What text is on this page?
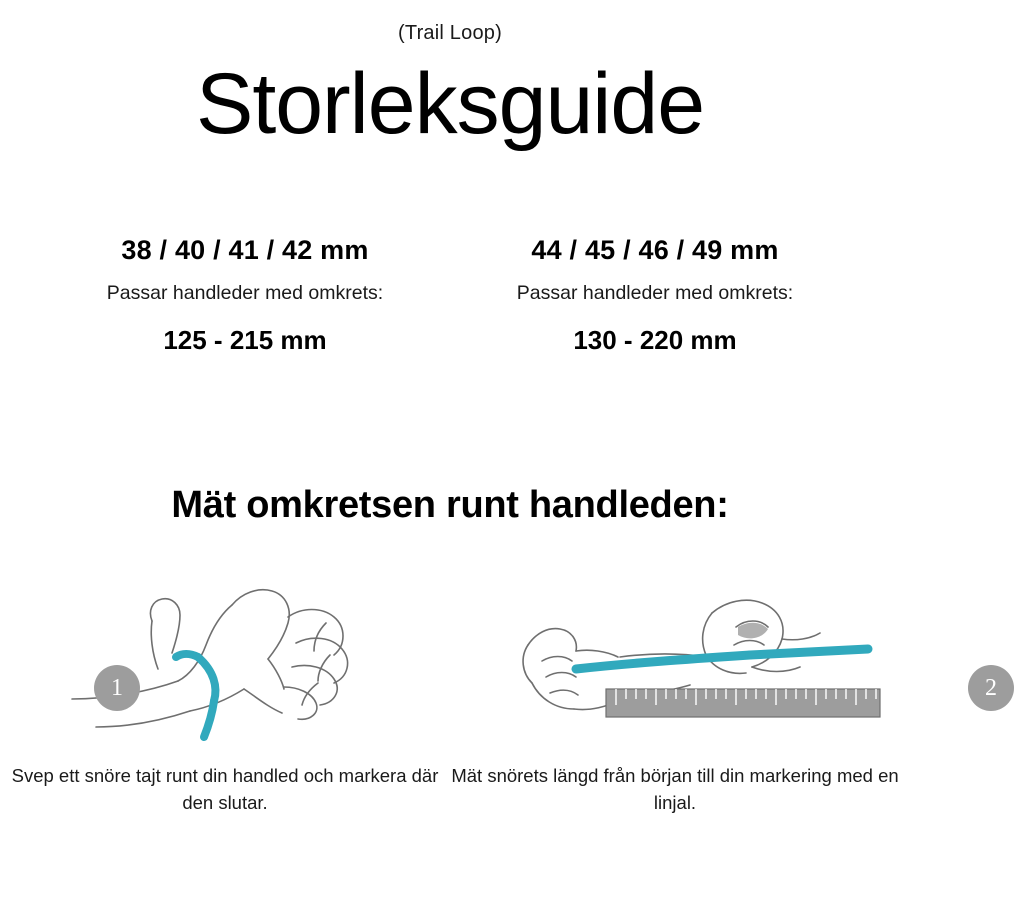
(Trail Loop)
Storleksguide
38 / 40 / 41 / 42 mm
Passar handleder med omkrets:
125 - 215 mm
44 / 45 / 46 / 49 mm
Passar handleder med omkrets:
130 - 220 mm
Mät omkretsen runt handleden:
1
Svep ett snöre tajt runt din handled och markera där den slutar.
2
Mät snörets längd från början till din markering med en linjal.
